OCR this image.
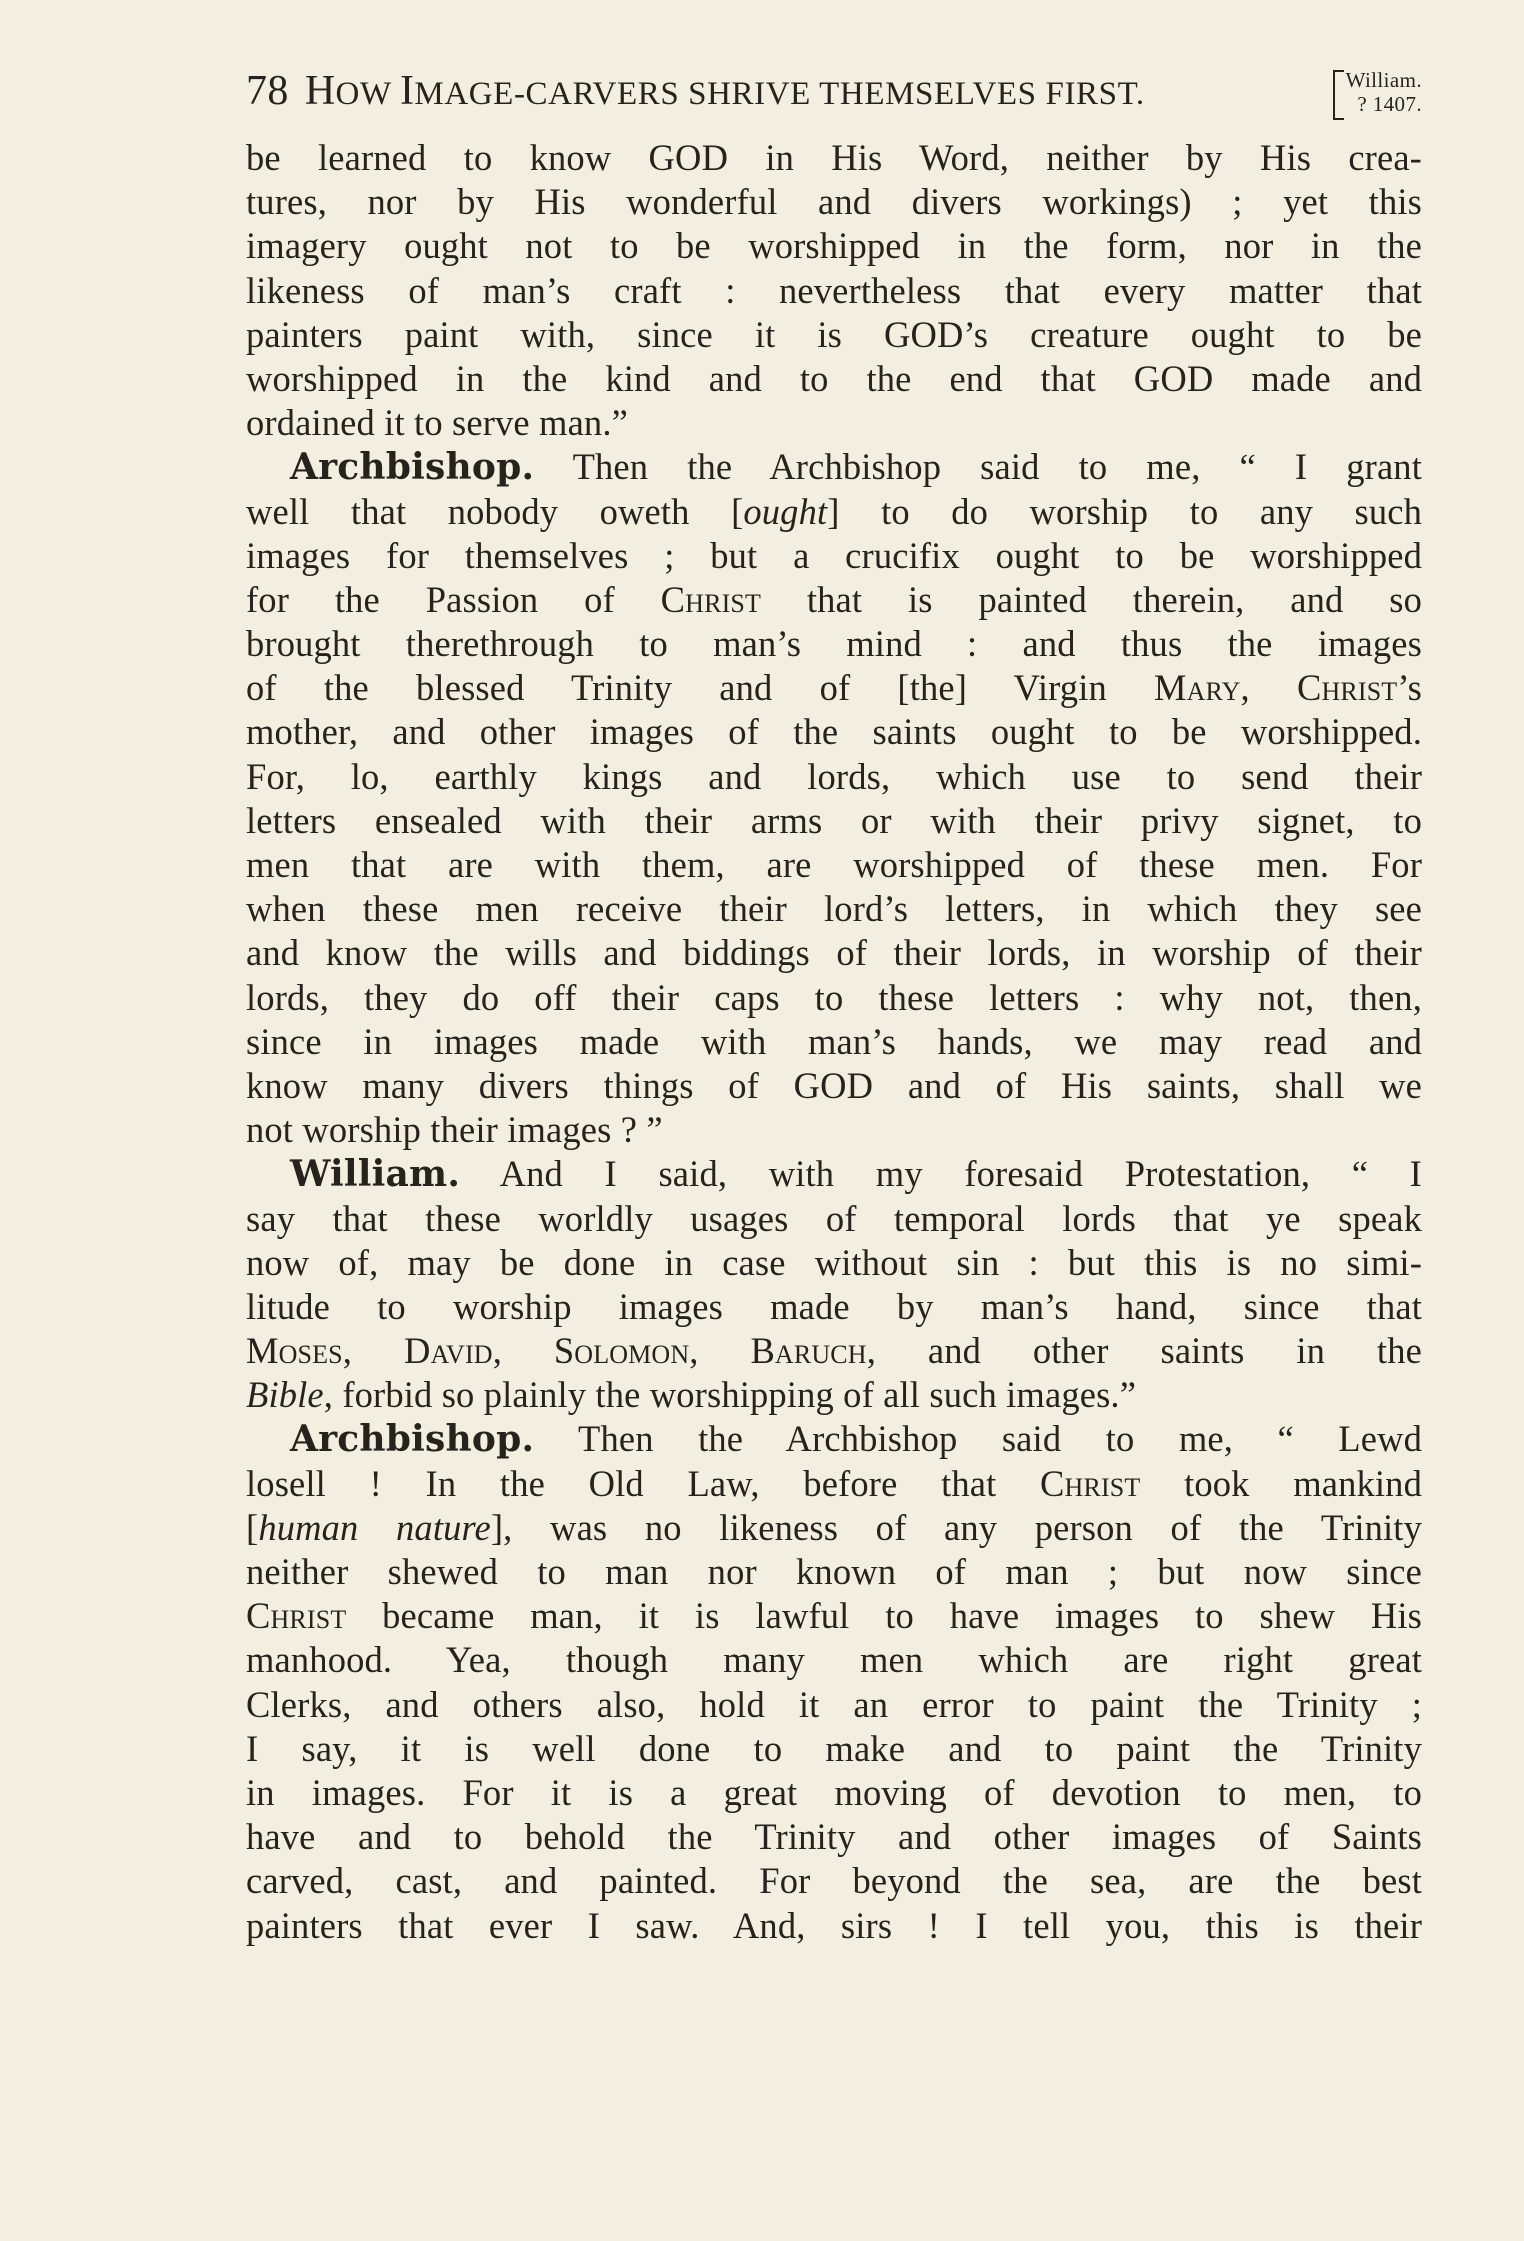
78 HOW IMAGE-CARVERS SHRIVE THEMSELVES FIRST.	William.
? 1407.
be learned to know GOD in His Word, neither by His crea-
tures, nor by His wonderful and divers workings) ; yet this
imagery ought not to be worshipped in the form, nor in the
likeness of man’s craft : nevertheless that every matter that
painters paint with, since it is GOD’s creature ought to be
worshipped in the kind and to the end that GOD made and
ordained it to serve man.”
Archbishop. Then the Archbishop said to me, “ I grant
well that nobody oweth [ought] to do worship to any such
images for themselves ; but a crucifix ought to be worshipped
for the Passion of Christ that is painted therein, and so
brought therethrough to man’s mind : and thus the images
of the blessed Trinity and of [the] Virgin Mary, Christ’s
mother, and other images of the saints ought to be worshipped.
For, lo, earthly kings and lords, which use to send their
letters ensealed with their arms or with their privy signet, to
men that are with them, are worshipped of these men. For
when these men receive their lord’s letters, in which they see
and know the wills and biddings of their lords, in worship of their
lords, they do off their caps to these letters : why not, then,
since in images made with man’s hands, we may read and
know many divers things of GOD and of His saints, shall we
not worship their images ? ”
William. And I said, with my foresaid Protestation, “ I
say that these worldly usages of temporal lords that ye speak
now of, may be done in case without sin : but this is no simi-
litude to worship images made by man’s hand, since that
Moses, David, Solomon, Baruch, and other saints in the
Bible, forbid so plainly the worshipping of all such images.”
Archbishop. Then the Archbishop said to me, “ Lewd
losell ! In the Old Law, before that Christ took mankind
[human nature], was no likeness of any person of the Trinity
neither shewed to man nor known of man ; but now since
Christ became man, it is lawful to have images to shew His
manhood. Yea, though many men which are right great
Clerks, and others also, hold it an error to paint the Trinity ;
I say, it is well done to make and to paint the Trinity
in images. For it is a great moving of devotion to men, to
have and to behold the Trinity and other images of Saints
carved, cast, and painted. For beyond the sea, are the best
painters that ever I saw. And, sirs ! I tell you, this is their
